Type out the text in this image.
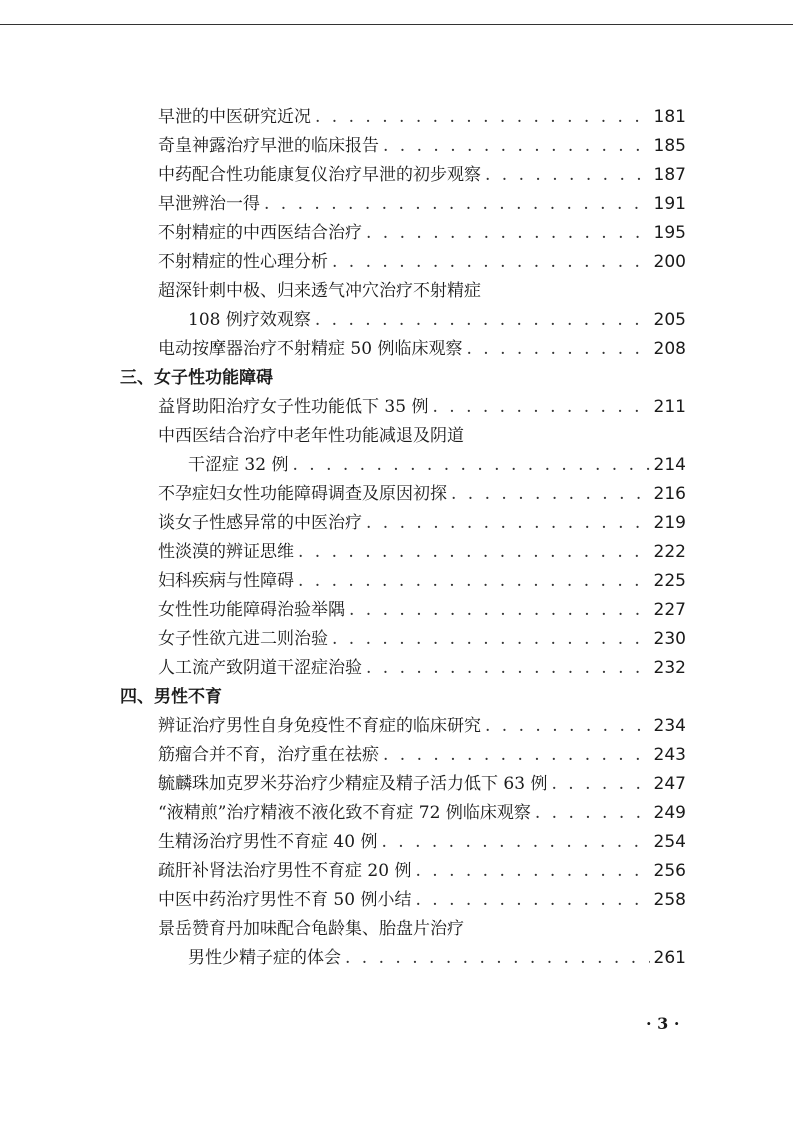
早泄的中医研究近况 . . .	181
奇皇神露治疗早泄的临床报告 . . .	185
中药配合性功能康复仪治疗早泄的初步观察 . . .	187
早泄辨治一得 . . .	191
不射精症的中西医结合治疗 . . .	195
不射精症的性心理分析 . . .	200
超深针刺中极、归来透气冲穴治疗不射精症
108 例疗效观察 . . .	205
电动按摩器治疗不射精症 50 例临床观察 . . .	208
三、女子性功能障碍
益肾助阳治疗女子性功能低下 35 例 . . .	211
中西医结合治疗中老年性功能减退及阴道
干涩症 32 例 . . .	214
不孕症妇女性功能障碍调查及原因初探 . . .	216
谈女子性感异常的中医治疗 . . .	219
性淡漠的辨证思维 . . .	222
妇科疾病与性障碍 . . .	225
女性性功能障碍治验举隅 . . .	227
女子性欲亢进二则治验 . . .	230
人工流产致阴道干涩症治验 . . .	232
四、男性不育
辨证治疗男性自身免疫性不育症的临床研究 . . .	234
筋瘤合并不育，治疗重在祛瘀 . . .	243
毓麟珠加克罗米芬治疗少精症及精子活力低下 63 例 . . .	247
“液精煎”治疗精液不液化致不育症 72 例临床观察 . . .	249
生精汤治疗男性不育症 40 例 . . .	254
疏肝补肾法治疗男性不育症 20 例 . . .	256
中医中药治疗男性不育 50 例小结 . . .	258
景岳赞育丹加味配合龟龄集、胎盘片治疗
男性少精子症的体会 . . .	261
· 3 ·
